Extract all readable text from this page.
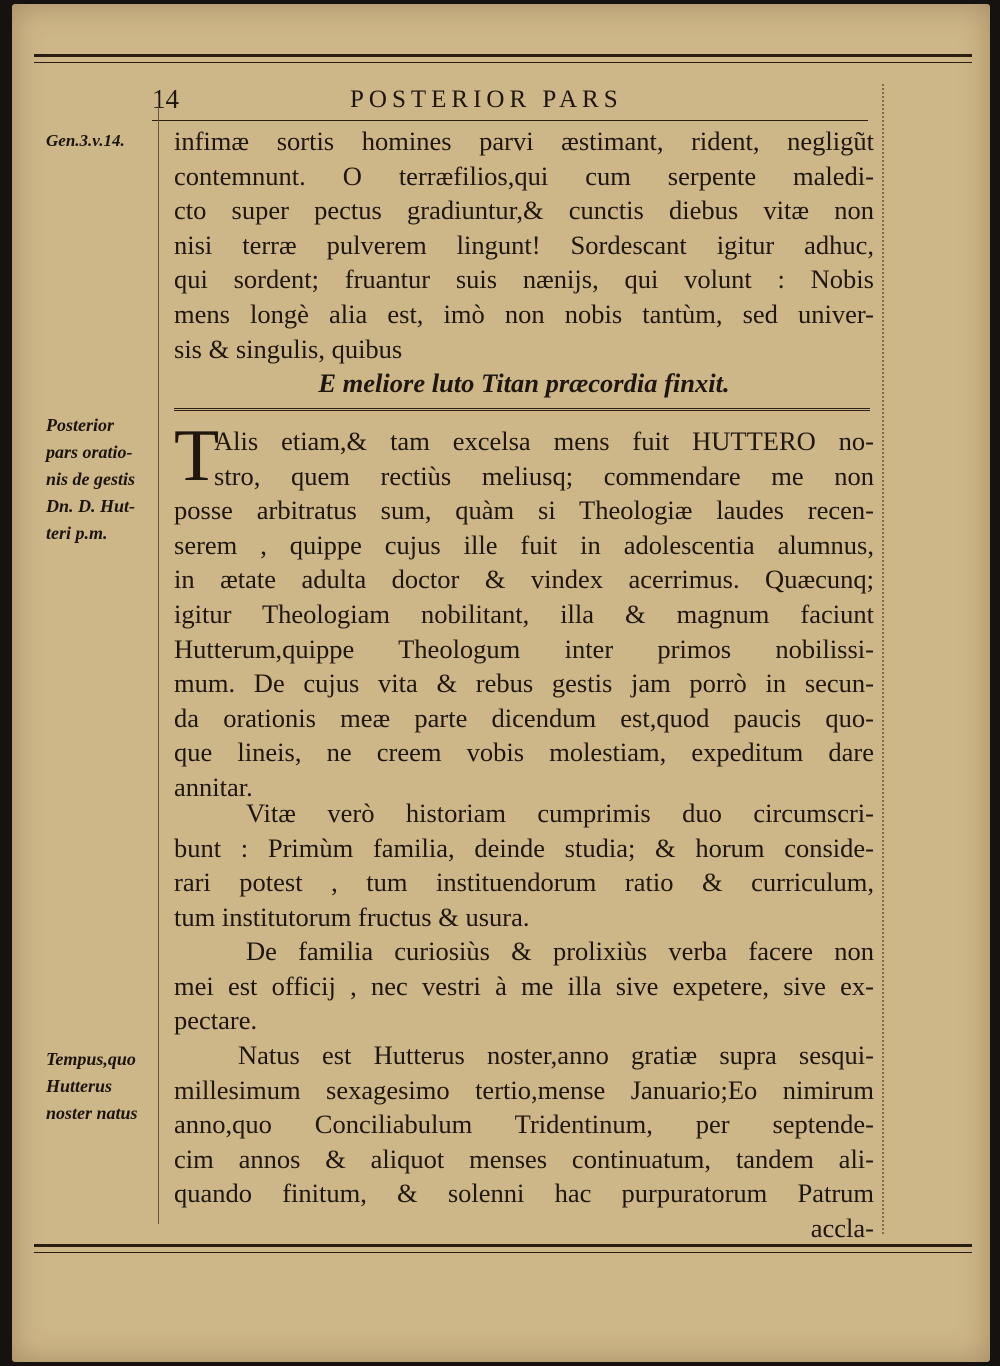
14	POSTERIOR PARS
Gen.3.v.14.
Posterior
pars oratio-
nis de gestis
Dn. D. Hut-
teri p.m.
Tempus,quo
Hutterus
noster natus
infimæ sortis homines parvi æstimant, rident, negligũt
contemnunt. O terræfilios,qui cum serpente maledi-
cto super pectus gradiuntur,& cunctis diebus vitæ non
nisi terræ pulverem lingunt! Sordescant igitur adhuc,
qui sordent; fruantur suis nænijs, qui volunt : Nobis
mens longè alia est, imò non nobis tantùm, sed univer-
sis & singulis, quibus
E meliore luto Titan præcordia finxit.
T
Alis etiam,& tam excelsa mens fuit HUTTERO no-
stro, quem rectiùs meliusq; commendare me non
posse arbitratus sum, quàm si Theologiæ laudes recen-
serem , quippe cujus ille fuit in adolescentia alumnus,
in ætate adulta doctor & vindex acerrimus. Quæcunq;
igitur Theologiam nobilitant, illa & magnum faciunt
Hutterum,quippe Theologum inter primos nobilissi-
mum. De cujus vita & rebus gestis jam porrò in secun-
da orationis meæ parte dicendum est,quod paucis quo-
que lineis, ne creem vobis molestiam, expeditum dare
annitar.
Vitæ verò historiam cumprimis duo circumscri-
bunt : Primùm familia, deinde studia; & horum conside-
rari potest , tum instituendorum ratio & curriculum,
tum institutorum fructus & usura.
De familia curiosiùs & prolixiùs verba facere non
mei est officij , nec vestri à me illa sive expetere, sive ex-
pectare.
Natus est Hutterus noster,anno gratiæ supra sesqui-
millesimum sexagesimo tertio,mense Januario;Eo nimirum
anno,quo Conciliabulum Tridentinum, per septende-
cim annos & aliquot menses continuatum, tandem ali-
quando finitum, & solenni hac purpuratorum Patrum
accla-
